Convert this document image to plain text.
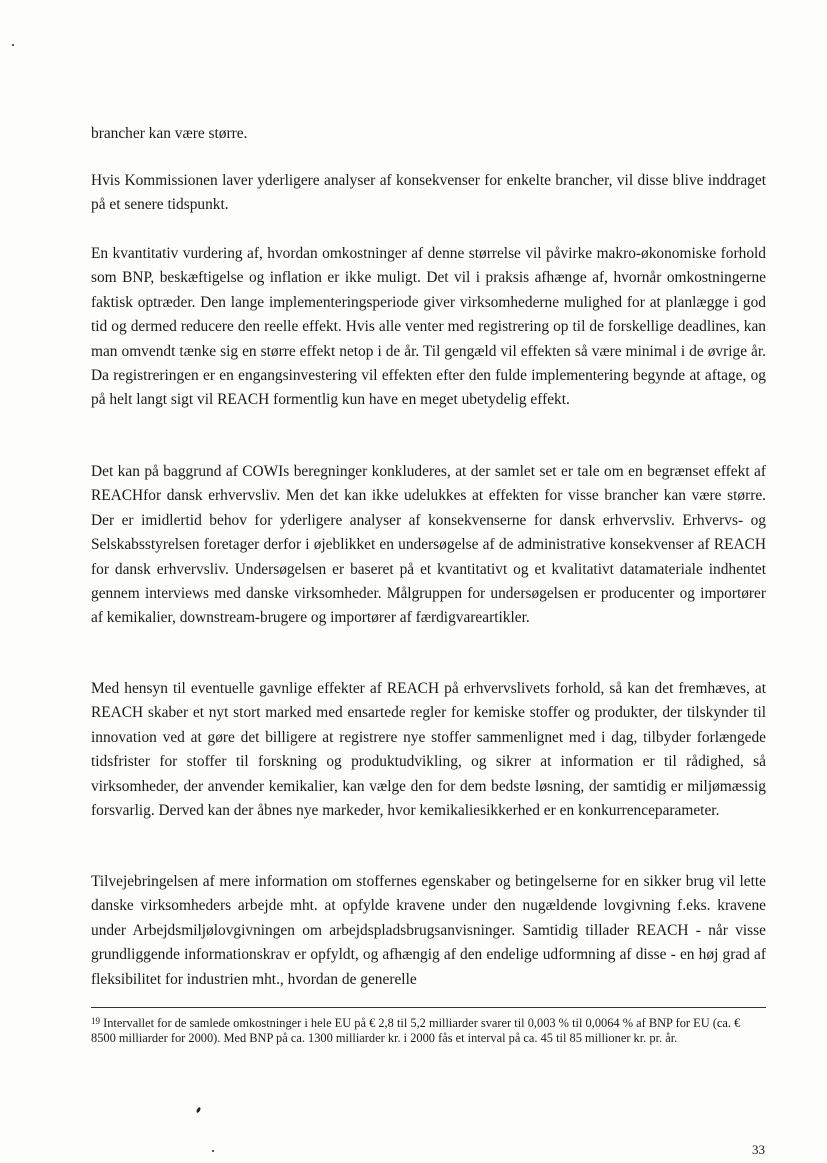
brancher kan være større.

Hvis Kommissionen laver yderligere analyser af konsekvenser for enkelte brancher, vil disse blive inddraget på et senere tidspunkt.

En kvantitativ vurdering af, hvordan omkostninger af denne størrelse vil påvirke makro-økonomiske forhold som BNP, beskæftigelse og inflation er ikke muligt. Det vil i praksis afhænge af, hvornår omkostningerne faktisk optræder. Den lange implementeringsperiode giver virksomhederne mulighed for at planlægge i god tid og dermed reducere den reelle effekt. Hvis alle venter med registrering op til de forskellige deadlines, kan man omvendt tænke sig en større effekt netop i de år. Til gengæld vil effekten så være minimal i de øvrige år. Da registreringen er en engangsinvestering vil effekten efter den fulde implementering begynde at aftage, og på helt langt sigt vil REACH formentlig kun have en meget ubetydelig effekt.

Det kan på baggrund af COWIs beregninger konkluderes, at der samlet set er tale om en begrænset effekt af REACHfor dansk erhvervsliv. Men det kan ikke udelukkes at effekten for visse brancher kan være større. Der er imidlertid behov for yderligere analyser af konsekvenserne for dansk erhvervsliv. Erhvervs- og Selskabsstyrelsen foretager derfor i øjeblikket en undersøgelse af de administrative konsekvenser af REACH for dansk erhvervsliv. Undersøgelsen er baseret på et kvantitativt og et kvalitativt datamateriale indhentet gennem interviews med danske virksomheder. Målgruppen for undersøgelsen er producenter og importører af kemikalier, downstream-brugere og importører af færdigvareartikler.

Med hensyn til eventuelle gavnlige effekter af REACH på erhvervslivets forhold, så kan det fremhæves, at REACH skaber et nyt stort marked med ensartede regler for kemiske stoffer og produkter, der tilskynder til innovation ved at gøre det billigere at registrere nye stoffer sammenlignet med i dag, tilbyder forlængede tidsfrister for stoffer til forskning og produktudvikling, og sikrer at information er til rådighed, så virksomheder, der anvender kemikalier, kan vælge den for dem bedste løsning, der samtidig er miljømæssig forsvarlig. Derved kan der åbnes nye markeder, hvor kemikaliesikkerhed er en konkurrenceparameter.

Tilvejebringelsen af mere information om stoffernes egenskaber og betingelserne for en sikker brug vil lette danske virksomheders arbejde mht. at opfylde kravene under den nugældende lovgivning f.eks. kravene under Arbejdsmiljølovgivningen om arbejdspladsbrugsanvisninger. Samtidig tillader REACH - når visse grundliggende informationskrav er opfyldt, og afhængig af den endelige udformning af disse - en høj grad af fleksibilitet for industrien mht., hvordan de generelle

$^{19}$ Intervallet for de samlede omkostninger i hele EU på € 2,8 til 5,2 milliarder svarer til 0,003 % til 0,0064 % af BNP for EU (ca. € 8500 milliarder for 2000). Med BNP på ca. 1300 milliarder kr. i 2000 fås et interval på ca. 45 til 85 millioner kr. pr. år.

33
